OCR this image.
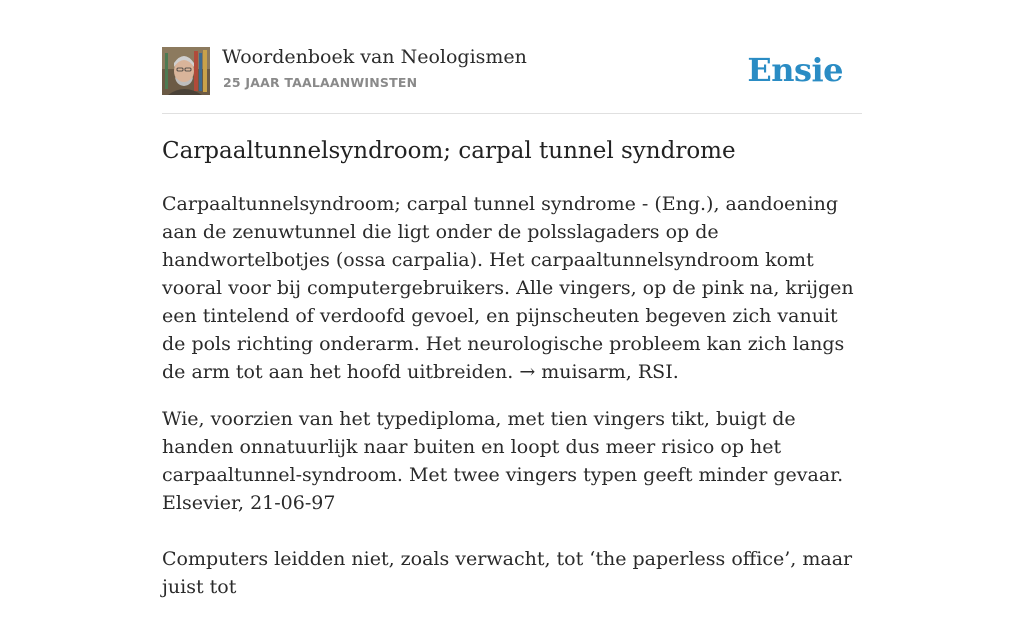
Woordenboek van Neologismen
25 JAAR TAALAANWINSTEN	Ensie
Carpaaltunnelsyndroom; carpal tunnel syndrome

Carpaaltunnelsyndroom; carpal tunnel syndrome - (Eng.), aandoening aan de zenuwtunnel die ligt onder de polsslagaders op de handwortelbotjes (ossa carpalia). Het carpaaltunnelsyndroom komt vooral voor bij computergebruikers. Alle vingers, op de pink na, krijgen een tintelend of verdoofd gevoel, en pijnscheuten begeven zich vanuit de pols richting onderarm. Het neurologische probleem kan zich langs de arm tot aan het hoofd uitbreiden. → muisarm, RSI.

Wie, voorzien van het typediploma, met tien vingers tikt, buigt de handen onnatuurlijk naar buiten en loopt dus meer risico op het carpaaltunnel-syndroom. Met twee vingers typen geeft minder gevaar. Elsevier, 21-06-97

Computers leidden niet, zoals verwacht, tot ‘the paperless office’, maar juist tot
